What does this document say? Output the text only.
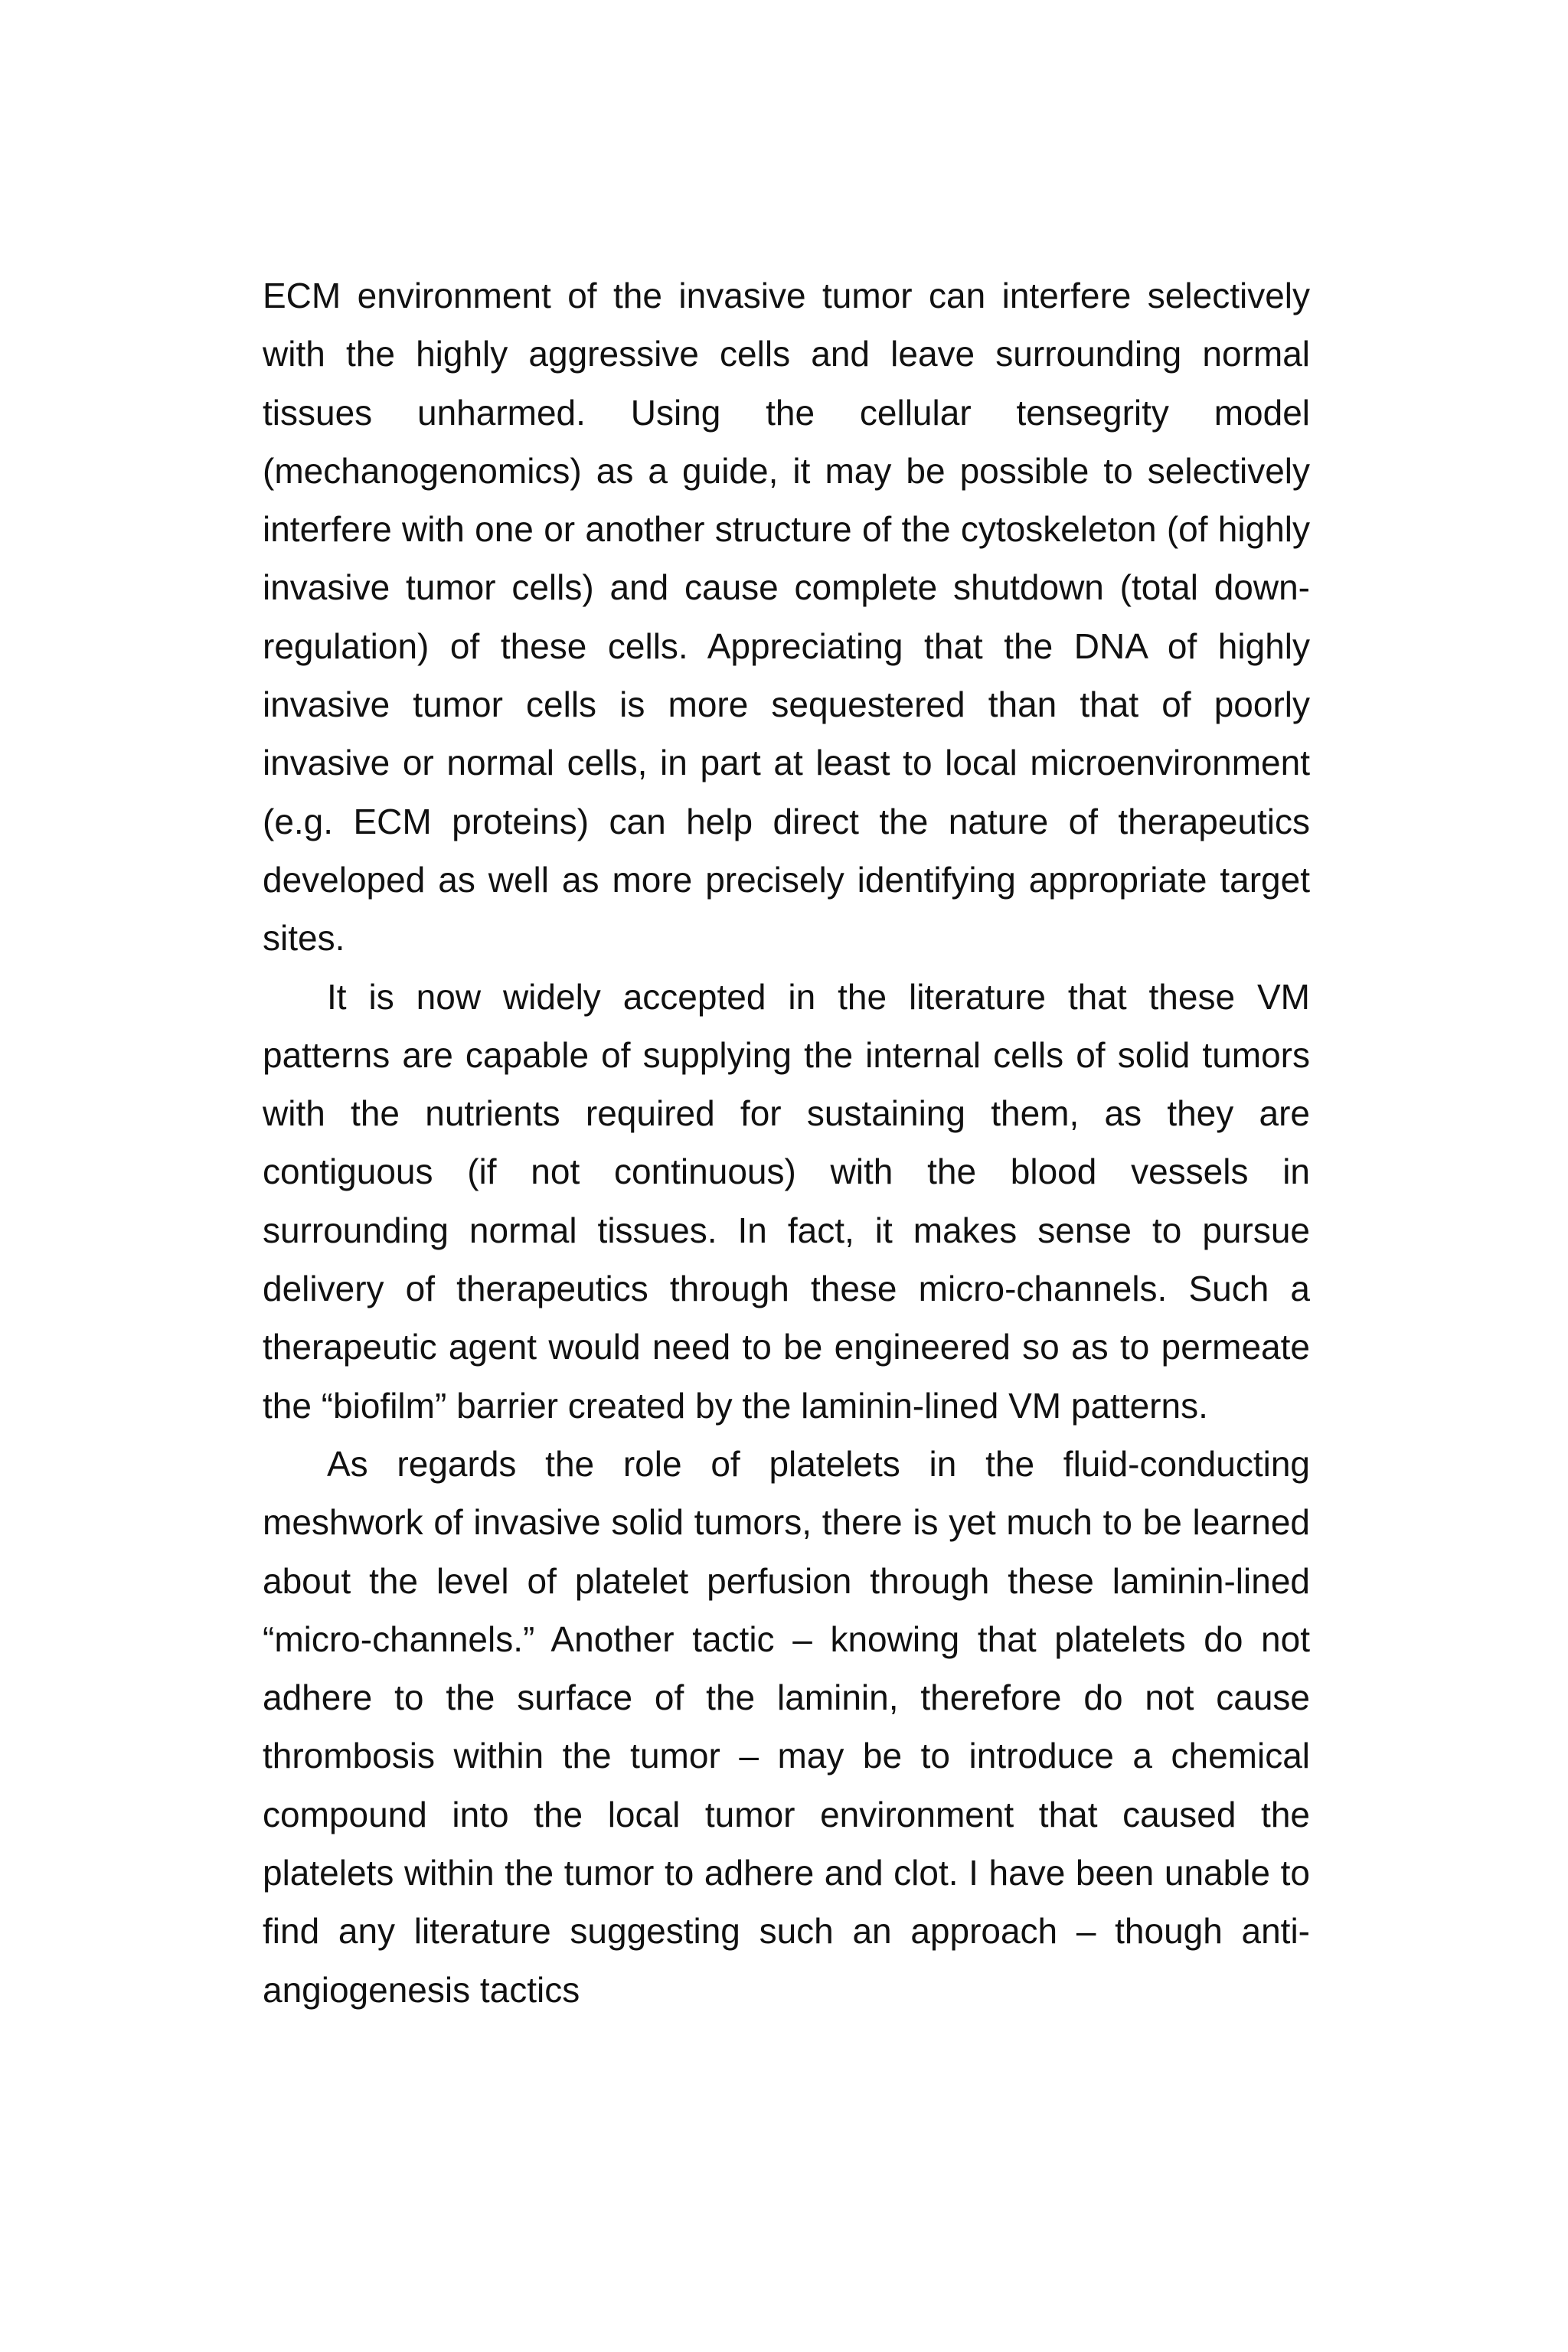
ECM environment of the invasive tumor can interfere selectively with the highly aggressive cells and leave surrounding normal tissues unharmed. Using the cellular tensegrity model (mechanogenomics) as a guide, it may be possible to selectively interfere with one or another structure of the cytoskeleton (of highly invasive tumor cells) and cause complete shutdown (total down-regulation) of these cells. Appreciating that the DNA of highly invasive tumor cells is more sequestered than that of poorly invasive or normal cells, in part at least to local microenvironment (e.g. ECM proteins) can help direct the nature of therapeutics developed as well as more precisely identifying appropriate target sites.

It is now widely accepted in the literature that these VM patterns are capable of supplying the internal cells of solid tumors with the nutrients required for sustaining them, as they are contiguous (if not continuous) with the blood vessels in surrounding normal tissues. In fact, it makes sense to pursue delivery of therapeutics through these micro-channels. Such a therapeutic agent would need to be engineered so as to permeate the “biofilm” barrier created by the laminin-lined VM patterns.

As regards the role of platelets in the fluid-conducting meshwork of invasive solid tumors, there is yet much to be learned about the level of platelet perfusion through these laminin-lined “micro-channels.” Another tactic – knowing that platelets do not adhere to the surface of the laminin, therefore do not cause thrombosis within the tumor – may be to introduce a chemical compound into the local tumor environment that caused the platelets within the tumor to adhere and clot. I have been unable to find any literature suggesting such an approach – though anti-angiogenesis tactics
